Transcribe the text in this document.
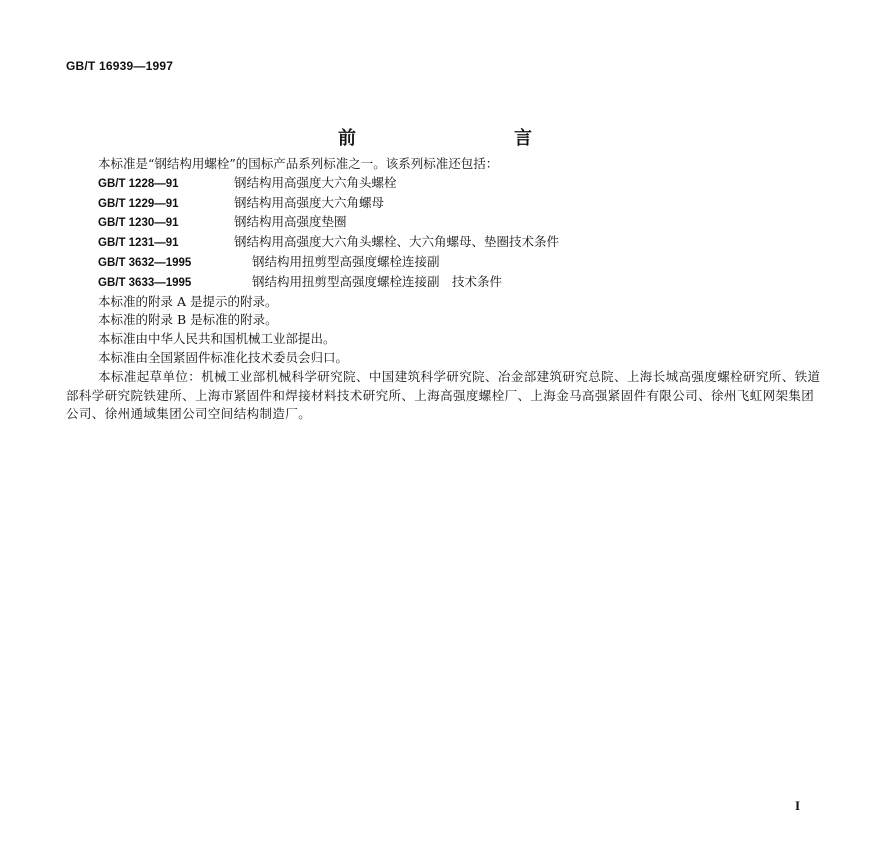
GB/T 16939—1997
前　言
本标准是“钢结构用螺栓”的国标产品系列标准之一。该系列标准还包括：
GB/T 1228—91	钢结构用高强度大六角头螺栓
GB/T 1229—91	钢结构用高强度大六角螺母
GB/T 1230—91	钢结构用高强度垫圈
GB/T 1231—91	钢结构用高强度大六角头螺栓、大六角螺母、垫圈技术条件
GB/T 3632—1995	钢结构用扭剪型高强度螺栓连接副
GB/T 3633—1995	钢结构用扭剪型高强度螺栓连接副　技术条件
本标准的附录 A 是提示的附录。
本标准的附录 B 是标准的附录。
本标准由中华人民共和国机械工业部提出。
本标准由全国紧固件标准化技术委员会归口。
本标准起草单位：机械工业部机械科学研究院、中国建筑科学研究院、冶金部建筑研究总院、上海长城高强度螺栓研究所、铁道部科学研究院铁建所、上海市紧固件和焊接材料技术研究所、上海高强度螺栓厂、上海金马高强紧固件有限公司、徐州飞虹网架集团公司、徐州通域集团公司空间结构制造厂。
I
